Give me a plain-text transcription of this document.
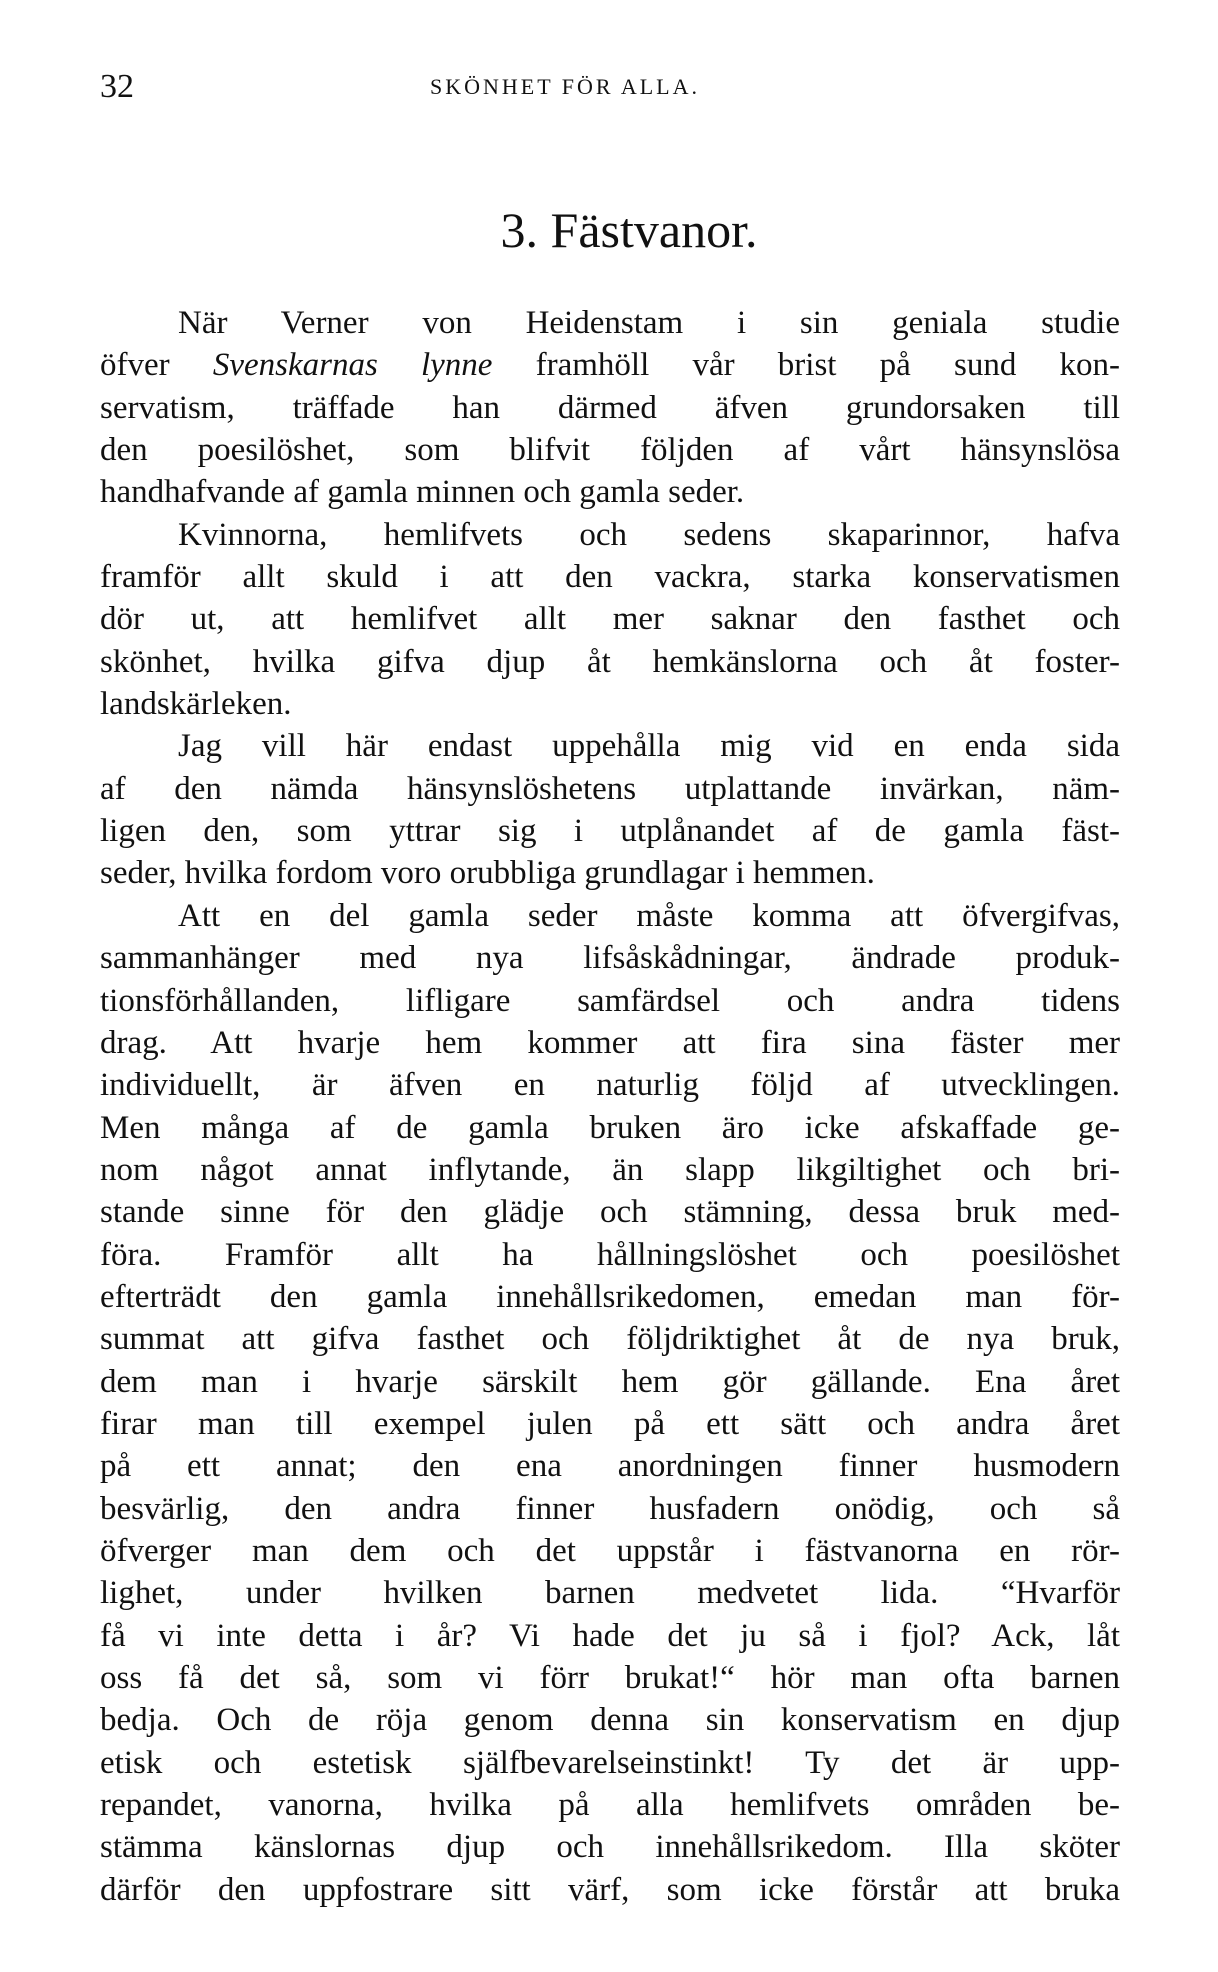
32	SKÖNHET FÖR ALLA.
3. Fästvanor.
När Verner von Heidenstam i sin geniala studie
öfver Svenskarnas lynne framhöll vår brist på sund kon-
servatism, träffade han därmed äfven grundorsaken till
den poesilöshet, som blifvit följden af vårt hänsynslösa
handhafvande af gamla minnen och gamla seder.
Kvinnorna, hemlifvets och sedens skaparinnor, hafva
framför allt skuld i att den vackra, starka konservatismen
dör ut, att hemlifvet allt mer saknar den fasthet och
skönhet, hvilka gifva djup åt hemkänslorna och åt foster-
landskärleken.
Jag vill här endast uppehålla mig vid en enda sida
af den nämda hänsynslöshetens utplattande invärkan, näm-
ligen den, som yttrar sig i utplånandet af de gamla fäst-
seder, hvilka fordom voro orubbliga grundlagar i hemmen.
Att en del gamla seder måste komma att öfvergifvas,
sammanhänger med nya lifsåskådningar, ändrade produk-
tionsförhållanden, lifligare samfärdsel och andra tidens
drag. Att hvarje hem kommer att fira sina fäster mer
individuellt, är äfven en naturlig följd af utvecklingen.
Men många af de gamla bruken äro icke afskaffade ge-
nom något annat inflytande, än slapp likgiltighet och bri-
stande sinne för den glädje och stämning, dessa bruk med-
föra. Framför allt ha hållningslöshet och poesilöshet
efterträdt den gamla innehållsrikedomen, emedan man för-
summat att gifva fasthet och följdriktighet åt de nya bruk,
dem man i hvarje särskilt hem gör gällande. Ena året
firar man till exempel julen på ett sätt och andra året
på ett annat; den ena anordningen finner husmodern
besvärlig, den andra finner husfadern onödig, och så
öfverger man dem och det uppstår i fästvanorna en rör-
lighet, under hvilken barnen medvetet lida. “Hvarför
få vi inte detta i år? Vi hade det ju så i fjol? Ack, låt
oss få det så, som vi förr brukat!“ hör man ofta barnen
bedja. Och de röja genom denna sin konservatism en djup
etisk och estetisk själfbevarelseinstinkt! Ty det är upp-
repandet, vanorna, hvilka på alla hemlifvets områden be-
stämma känslornas djup och innehållsrikedom. Illa sköter
därför den uppfostrare sitt värf, som icke förstår att bruka
